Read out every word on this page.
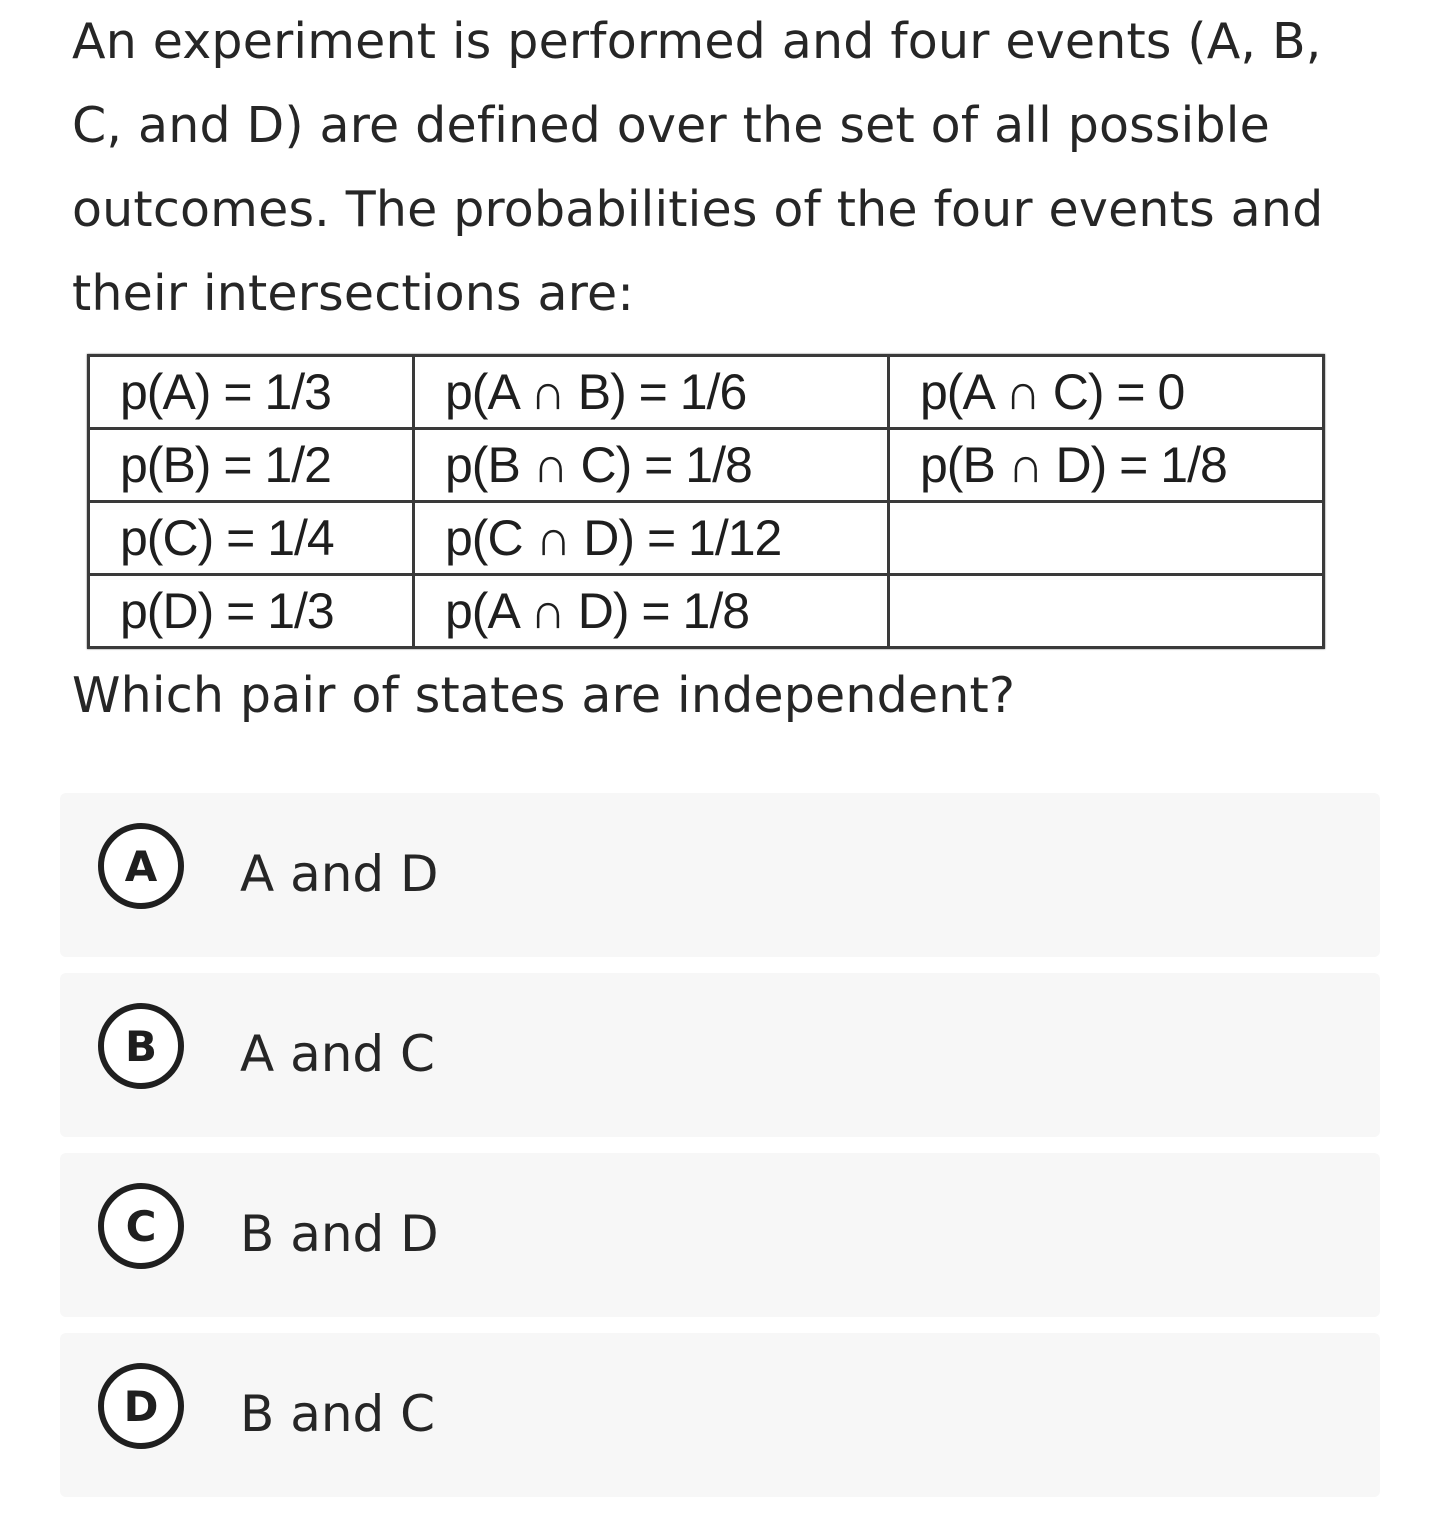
An experiment is performed and four events (A, B, C, and D) are defined over the set of all possible outcomes. The probabilities of the four events and their intersections are:

p(A) = 1/3	p(A ∩ B) = 1/6	p(A ∩ C) = 0
p(B) = 1/2	p(B ∩ C) = 1/8	p(B ∩ D) = 1/8
p(C) = 1/4	p(C ∩ D) = 1/12	
p(D) = 1/3	p(A ∩ D) = 1/8	

Which pair of states are independent?

A	A and D
B	A and C
C	B and D
D	B and C
